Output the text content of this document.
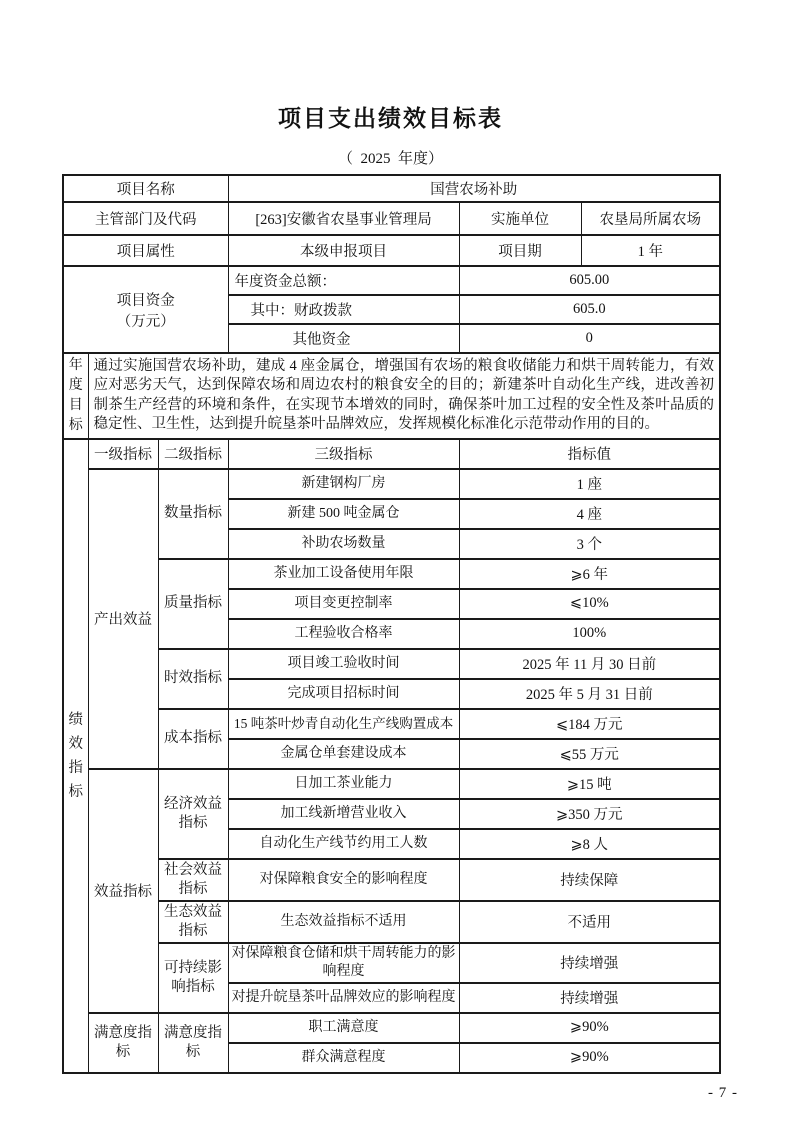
项目支出绩效目标表
（  2025  年度）
项目名称			国营农场补助		
主管部门及代码			[263]安徽省农垦事业管理局	实施单位	农垦局所属农场
项目属性			本级申报项目	项目期	1 年

项目资金
（万元）			年度资金总额：	605.00	
			其中：财政拨款	605.0	
			其他资金	0	

年度
目标	通过实施国营农场补助，建成 4 座金属仓，增强国有农场的粮食收储能力和烘干周转能力，有效应对恶劣天气，达到保障农场和周边农村的粮食安全的目的；新建茶叶自动化生产线，进改善初制茶生产经营的环境和条件，在实现节本增效的同时，确保茶叶加工过程的安全性及茶叶品质的稳定性、卫生性，达到提升皖垦茶叶品牌效应，发挥规模化标准化示范带动作用的目的。				

绩
效
指
标	一级指标	二级指标	三级指标	指标值	
	产出效益	数量指标	新建钢构厂房	1 座	
			新建 500 吨金属仓	4 座	
			补助农场数量	3 个	
		质量指标	茶业加工设备使用年限	⩾6 年	
			项目变更控制率	⩽10%	
			工程验收合格率	100%	
		时效指标	项目竣工验收时间	2025 年 11 月 30 日前	
			完成项目招标时间	2025 年 5 月 31 日前	
		成本指标	15 吨茶叶炒青自动化生产线购置成本	⩽184 万元	
			金属仓单套建设成本	⩽55 万元	
	效益指标	经济效益指标	日加工茶业能力	⩾15 吨	
			加工线新增营业收入	⩾350 万元	
			自动化生产线节约用工人数	⩾8 人	
		社会效益指标	对保障粮食安全的影响程度	持续保障	
		生态效益指标	生态效益指标不适用	不适用	
		可持续影响指标	对保障粮食仓储和烘干周转能力的影响程度	持续增强	
			对提升皖垦茶叶品牌效应的影响程度	持续增强	
	满意度指标	满意度指标	职工满意度	⩾90%	
			群众满意程度	⩾90%	
- 7 -
